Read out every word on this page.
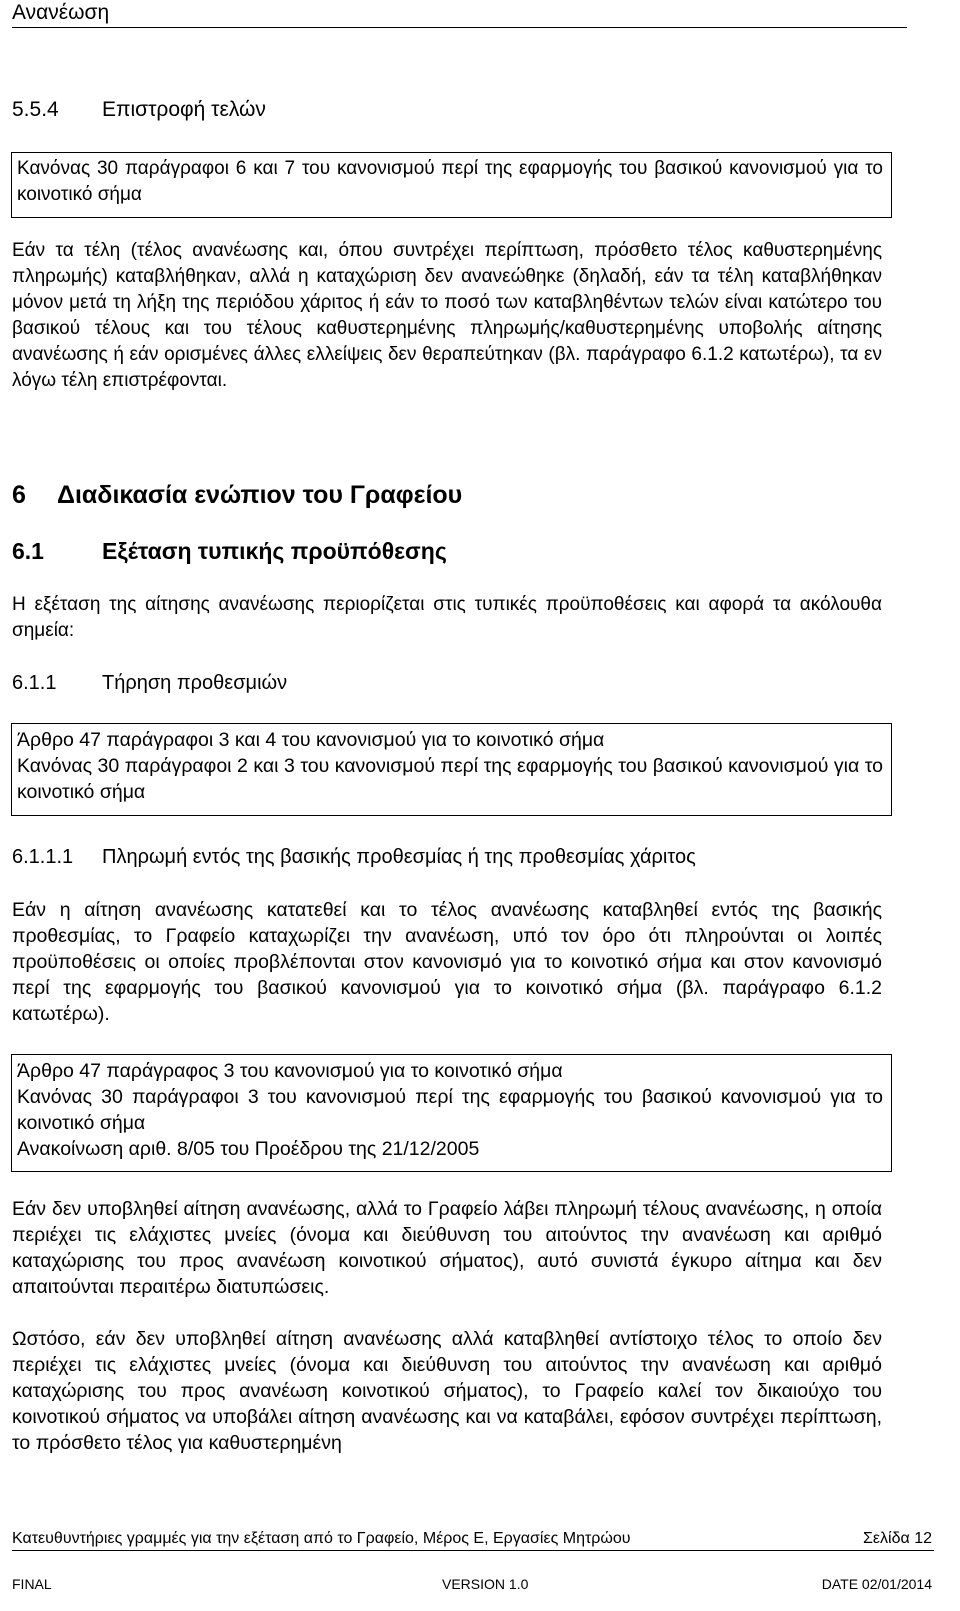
Ανανέωση
5.5.4 Επιστροφή τελών
Κανόνας 30 παράγραφοι 6 και 7 του κανονισμού περί της εφαρμογής του βασικού κανονισμού για το κοινοτικό σήμα
Εάν τα τέλη (τέλος ανανέωσης και, όπου συντρέχει περίπτωση, πρόσθετο τέλος καθυστερημένης πληρωμής) καταβλήθηκαν, αλλά η καταχώριση δεν ανανεώθηκε (δηλαδή, εάν τα τέλη καταβλήθηκαν μόνον μετά τη λήξη της περιόδου χάριτος ή εάν το ποσό των καταβληθέντων τελών είναι κατώτερο του βασικού τέλους και του τέλους καθυστερημένης πληρωμής/καθυστερημένης υποβολής αίτησης ανανέωσης ή εάν ορισμένες άλλες ελλείψεις δεν θεραπεύτηκαν (βλ. παράγραφο 6.1.2 κατωτέρω), τα εν λόγω τέλη επιστρέφονται.
6 Διαδικασία ενώπιον του Γραφείου
6.1	Εξέταση τυπικής προϋπόθεσης
Η εξέταση της αίτησης ανανέωσης περιορίζεται στις τυπικές προϋποθέσεις και αφορά τα ακόλουθα σημεία:
6.1.1 Τήρηση προθεσμιών
Άρθρο 47 παράγραφοι 3 και 4 του κανονισμού για το κοινοτικό σήμα
Κανόνας 30 παράγραφοι 2 και 3 του κανονισμού περί της εφαρμογής του βασικού κανονισμού για το κοινοτικό σήμα
6.1.1.1 Πληρωμή εντός της βασικής προθεσμίας ή της προθεσμίας χάριτος
Εάν η αίτηση ανανέωσης κατατεθεί και το τέλος ανανέωσης καταβληθεί εντός της βασικής προθεσμίας, το Γραφείο καταχωρίζει την ανανέωση, υπό τον όρο ότι πληρούνται οι λοιπές προϋποθέσεις οι οποίες προβλέπονται στον κανονισμό για το κοινοτικό σήμα και στον κανονισμό περί της εφαρμογής του βασικού κανονισμού για το κοινοτικό σήμα (βλ. παράγραφο 6.1.2 κατωτέρω).
Άρθρο 47 παράγραφος 3 του κανονισμού για το κοινοτικό σήμα
Κανόνας 30 παράγραφοι 3 του κανονισμού περί της εφαρμογής του βασικού κανονισμού για το κοινοτικό σήμα
Ανακοίνωση αριθ. 8/05 του Προέδρου της 21/12/2005
Εάν δεν υποβληθεί αίτηση ανανέωσης, αλλά το Γραφείο λάβει πληρωμή τέλους ανανέωσης, η οποία περιέχει τις ελάχιστες μνείες (όνομα και διεύθυνση του αιτούντος την ανανέωση και αριθμό καταχώρισης του προς ανανέωση κοινοτικού σήματος), αυτό συνιστά έγκυρο αίτημα και δεν απαιτούνται περαιτέρω διατυπώσεις.
Ωστόσο, εάν δεν υποβληθεί αίτηση ανανέωσης αλλά καταβληθεί αντίστοιχο τέλος το οποίο δεν περιέχει τις ελάχιστες μνείες (όνομα και διεύθυνση του αιτούντος την ανανέωση και αριθμό καταχώρισης του προς ανανέωση κοινοτικού σήματος), το Γραφείο καλεί τον δικαιούχο του κοινοτικού σήματος να υποβάλει αίτηση ανανέωσης και να καταβάλει, εφόσον συντρέχει περίπτωση, το πρόσθετο τέλος για καθυστερημένη
Κατευθυντήριες γραμμές για την εξέταση από το Γραφείο, Μέρος Ε, Εργασίες Μητρώου	Σελίδα 12
FINAL	VERSION 1.0	DATE 02/01/2014
